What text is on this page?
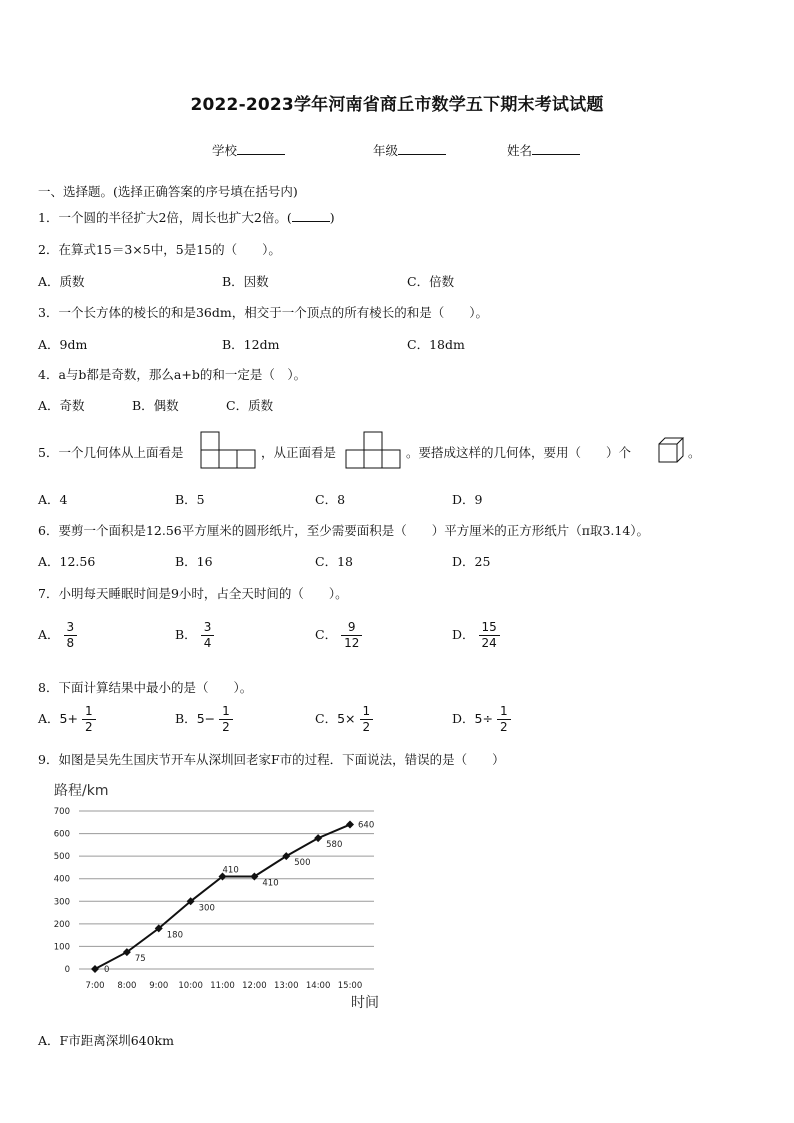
2022-2023学年河南省商丘市数学五下期末考试试题
学校	年级	姓名
一、选择题。(选择正确答案的序号填在括号内)
1．一个圆的半径扩大2倍，周长也扩大2倍。(	)
2．在算式15＝3×5中，5是15的（　　）。
A．质数	B．因数	C．倍数
3．一个长方体的棱长的和是36dm，相交于一个顶点的所有棱长的和是（　　）。
A．9dm	B．12dm	C．18dm
4．a与b都是奇数，那么a+b的和一定是（　）。
A．奇数	B．偶数	C．质数
5．一个几何体从上面看是	，从正面看是	。要搭成这样的几何体，要用（　　）个	。
A．4	B．5	C．8	D．9
6．要剪一个面积是12.56平方厘米的圆形纸片，至少需要面积是（　　）平方厘米的正方形纸片（π取3.14）。
A．12.56	B．16	C．18	D．25
7．小明每天睡眠时间是9小时，占全天时间的（　　）。
A． $\frac{3}{8}$	B． $\frac{3}{4}$	C． $\frac{9}{12}$	D． $\frac{15}{24}$
8．下面计算结果中最小的是（　　）。
A．$5+ \frac{1}{2}$	B．$5- \frac{1}{2}$	C．$5\times \frac{1}{2}$	D．$5\div \frac{1}{2}$
9．如图是吴先生国庆节开车从深圳回老家F市的过程．下面说法，错误的是（　　）
路程/km
0
100
200
300
400
500
600
700
7:00 8:00 9:00 10:00 11:00 12:00 13:00 14:00 15:00
时间
0
75
180
300
410
410
500
580
640
A．F市距离深圳640km
